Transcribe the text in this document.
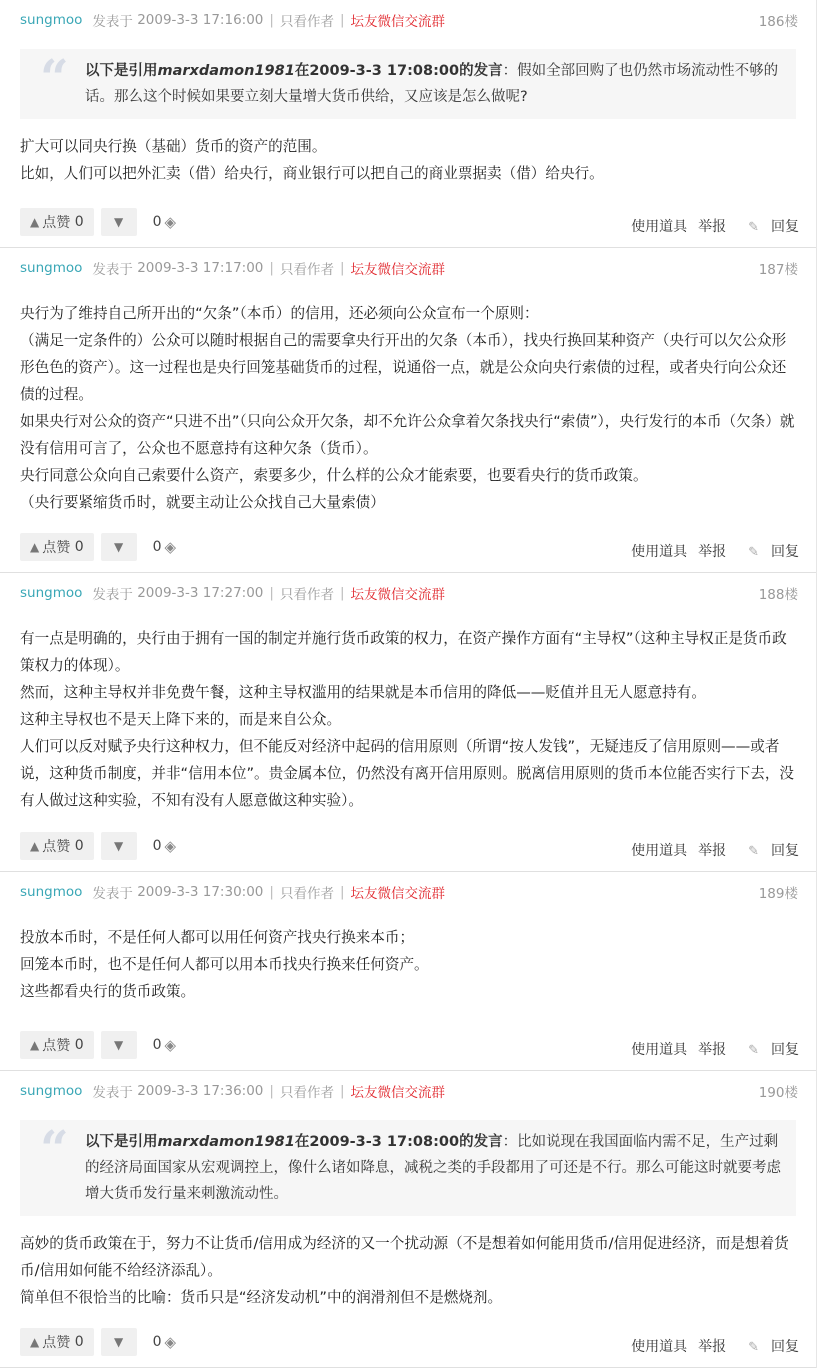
sungmoo 发表于
2009-3-3 17:16:00 | 只看作者 | 坛友微信交流群	186楼
“ 以下是引用marxdamon1981在2009-3-3 17:08:00的发言：假如全部回购了也仍然市场流动性不够的话。那么这个时候如果要立刻大量增大货币供给，又应该是怎么做呢?

扩大可以同央行换（基础）货币的资产的范围。

比如，人们可以把外汇卖（借）给央行，商业银行可以把自己的商业票据卖（借）给央行。

▲ 点赞
0	▼ 0 ◈	使用道具 举报	✎ 回复
sungmoo 发表于
2009-3-3 17:17:00 | 只看作者 | 坛友微信交流群	187楼

央行为了维持自己所开出的“欠条”（本币）的信用，还必须向公众宣布一个原则：

（满足一定条件的）公众可以随时根据自己的需要拿央行开出的欠条（本币），找央行换回某种资产（央行可以欠公众形形色色的资产）。这一过程也是央行回笼基础货币的过程，说通俗一点，就是公众向央行索债的过程，或者央行向公众还债的过程。

如果央行对公众的资产“只进不出”（只向公众开欠条，却不允许公众拿着欠条找央行“索债”），央行发行的本币（欠条）就没有信用可言了，公众也不愿意持有这种欠条（货币）。

央行同意公众向自己索要什么资产，索要多少，什么样的公众才能索要，也要看央行的货币政策。

（央行要紧缩货币时，就要主动让公众找自己大量索债）

▲ 点赞
0	▼ 0 ◈	使用道具 举报	✎ 回复
sungmoo 发表于
2009-3-3 17:27:00 | 只看作者 | 坛友微信交流群	188楼

有一点是明确的，央行由于拥有一国的制定并施行货币政策的权力，在资产操作方面有“主导权”（这种主导权正是货币政策权力的体现）。

然而，这种主导权并非免费午餐，这种主导权滥用的结果就是本币信用的降低——贬值并且无人愿意持有。

这种主导权也不是天上降下来的，而是来自公众。

人们可以反对赋予央行这种权力，但不能反对经济中起码的信用原则（所谓“按人发钱”，无疑违反了信用原则——或者说，这种货币制度，并非“信用本位”。贵金属本位，仍然没有离开信用原则。脱离信用原则的货币本位能否实行下去，没有人做过这种实验，不知有没有人愿意做这种实验）。

▲ 点赞
0	▼ 0 ◈	使用道具 举报	✎ 回复
sungmoo 发表于
2009-3-3 17:30:00 | 只看作者 | 坛友微信交流群	189楼

投放本币时，不是任何人都可以用任何资产找央行换来本币；

回笼本币时，也不是任何人都可以用本币找央行换来任何资产。

这些都看央行的货币政策。

▲ 点赞
0	▼ 0 ◈	使用道具 举报	✎ 回复
sungmoo 发表于
2009-3-3 17:36:00 | 只看作者 | 坛友微信交流群	190楼
“ 以下是引用marxdamon1981在2009-3-3 17:08:00的发言：比如说现在我国面临内需不足，生产过剩的经济局面国家从宏观调控上，像什么诸如降息，减税之类的手段都用了可还是不行。那么可能这时就要考虑增大货币发行量来刺激流动性。

高妙的货币政策在于，努力不让货币/信用成为经济的又一个扰动源（不是想着如何能用货币/信用促进经济，而是想着货币/信用如何能不给经济添乱）。

简单但不很恰当的比喻：货币只是“经济发动机”中的润滑剂但不是燃烧剂。

▲ 点赞
0	▼ 0 ◈	使用道具 举报	✎ 回复
